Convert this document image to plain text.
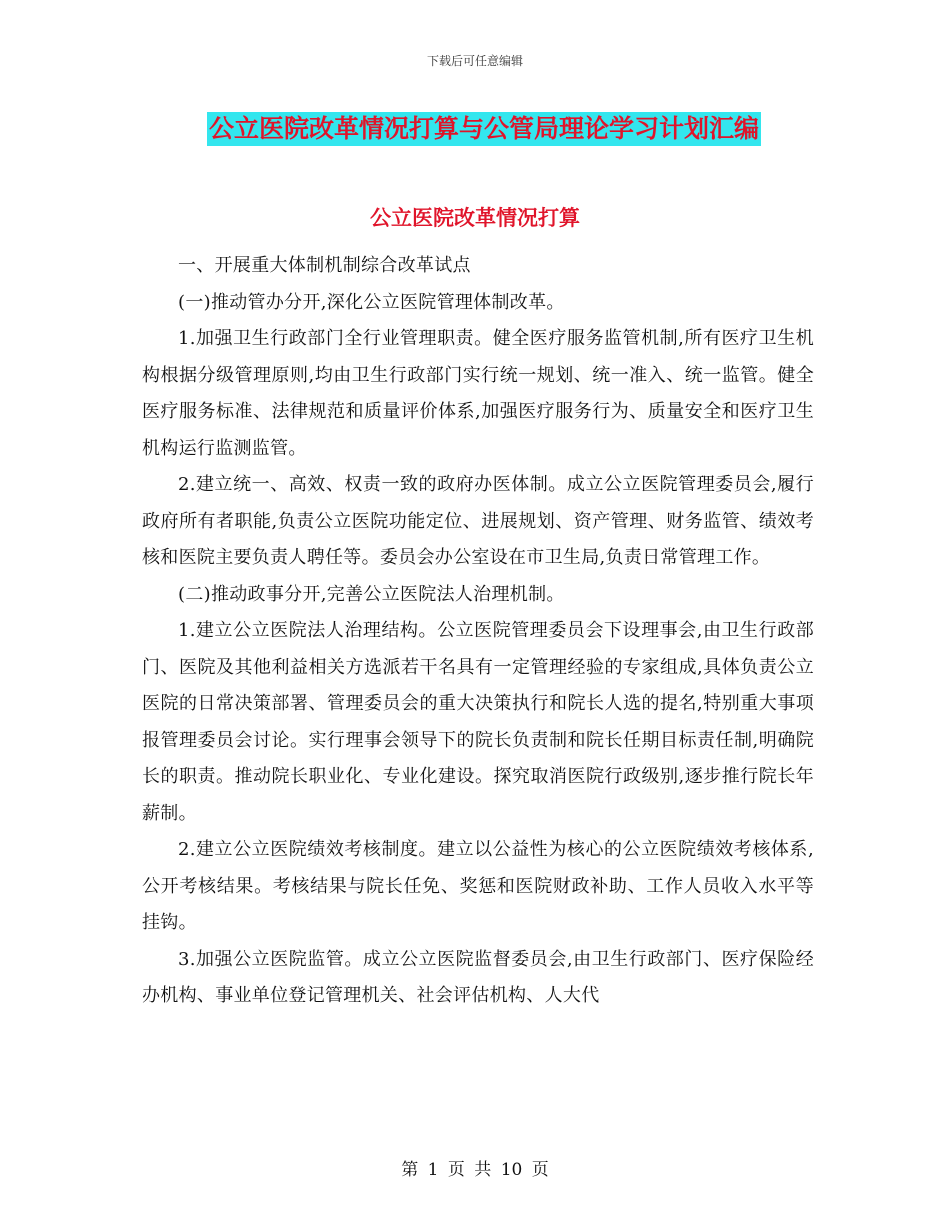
下载后可任意编辑
公立医院改革情况打算与公管局理论学习计划汇编
公立医院改革情况打算

一、开展重大体制机制综合改革试点

(一)推动管办分开,深化公立医院管理体制改革。

1.加强卫生行政部门全行业管理职责。健全医疗服务监管机制,所有医疗卫生机构根据分级管理原则,均由卫生行政部门实行统一规划、统一准入、统一监管。健全医疗服务标准、法律规范和质量评价体系,加强医疗服务行为、质量安全和医疗卫生机构运行监测监管。

2.建立统一、高效、权责一致的政府办医体制。成立公立医院管理委员会,履行政府所有者职能,负责公立医院功能定位、进展规划、资产管理、财务监管、绩效考核和医院主要负责人聘任等。委员会办公室设在市卫生局,负责日常管理工作。

(二)推动政事分开,完善公立医院法人治理机制。

1.建立公立医院法人治理结构。公立医院管理委员会下设理事会,由卫生行政部门、医院及其他利益相关方选派若干名具有一定管理经验的专家组成,具体负责公立医院的日常决策部署、管理委员会的重大决策执行和院长人选的提名,特别重大事项报管理委员会讨论。实行理事会领导下的院长负责制和院长任期目标责任制,明确院长的职责。推动院长职业化、专业化建设。探究取消医院行政级别,逐步推行院长年薪制。

2.建立公立医院绩效考核制度。建立以公益性为核心的公立医院绩效考核体系,公开考核结果。考核结果与院长任免、奖惩和医院财政补助、工作人员收入水平等挂钩。

3.加强公立医院监管。成立公立医院监督委员会,由卫生行政部门、医疗保险经办机构、事业单位登记管理机关、社会评估机构、人大代

第 1 页 共 10 页
